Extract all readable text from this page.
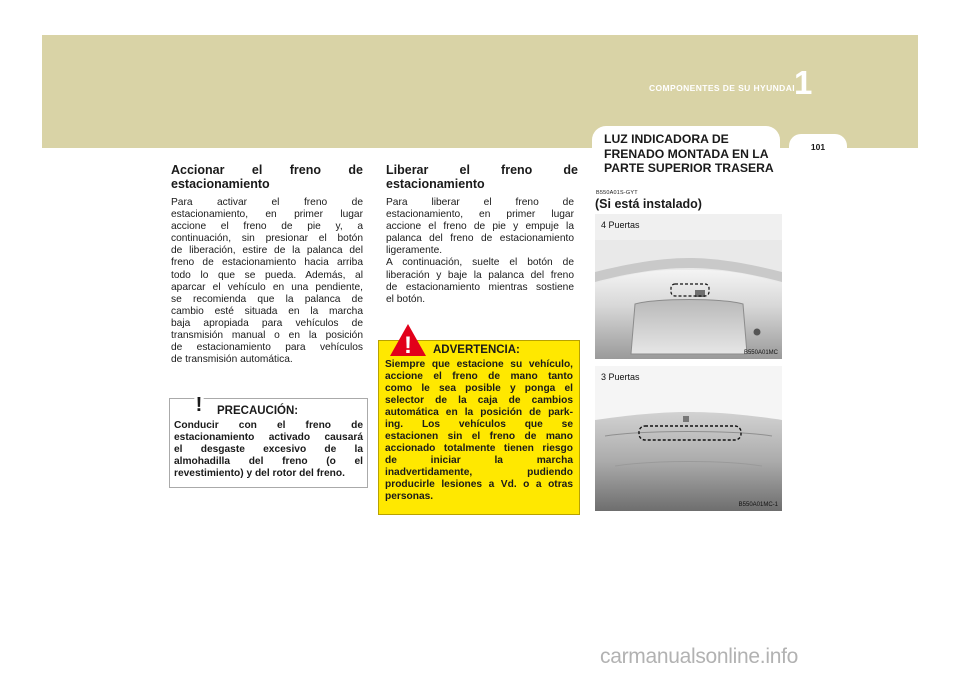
COMPONENTES DE SU HYUNDAI 1
101
LUZ INDICADORA DE
FRENADO MONTADA EN LA
PARTE SUPERIOR TRASERA
Accionar el freno de
estacionamiento
Para activar el freno de
estacionamiento, en primer lugar
accione el freno de pie y, a
continuación, sin presionar el botón
de liberación, estire de la palanca del
freno de estacionamiento hacia arriba
todo lo que se pueda. Además, al
aparcar el vehículo en una pendiente,
se recomienda que la palanca de
cambio esté situada en la marcha
baja apropiada para vehículos de
transmisión manual o en la posición
de estacionamiento para vehículos
de transmisión automática.
! PRECAUCIÓN:
Conducir con el freno de
estacionamiento activado causará
el desgaste excesivo de la
almohadilla del freno (o el
revestimiento) y del rotor del freno.
Liberar el freno de
estacionamiento
Para liberar el freno de
estacionamiento, en primer lugar
accione el freno de pie y empuje la
palanca del freno de estacionamiento
ligeramente.
A continuación, suelte el botón de
liberación y baje la palanca del freno
de estacionamiento mientras sostiene
el botón.
! ADVERTENCIA:
Siempre que estacione su vehículo,
accione el freno de mano tanto
como le sea posible y ponga el
selector de la caja de cambios
automática en la posición de park-
ing. Los vehículos que se
estacionen sin el freno de mano
accionado totalmente tienen riesgo
de iniciar la marcha
inadvertidamente, pudiendo
producirle lesiones a Vd. o a otras
personas.
B550A01S-GYT
(Si está instalado)
4 Puertas
B550A01MC
3 Puertas
B550A01MC-1
carmanualsonline.info
